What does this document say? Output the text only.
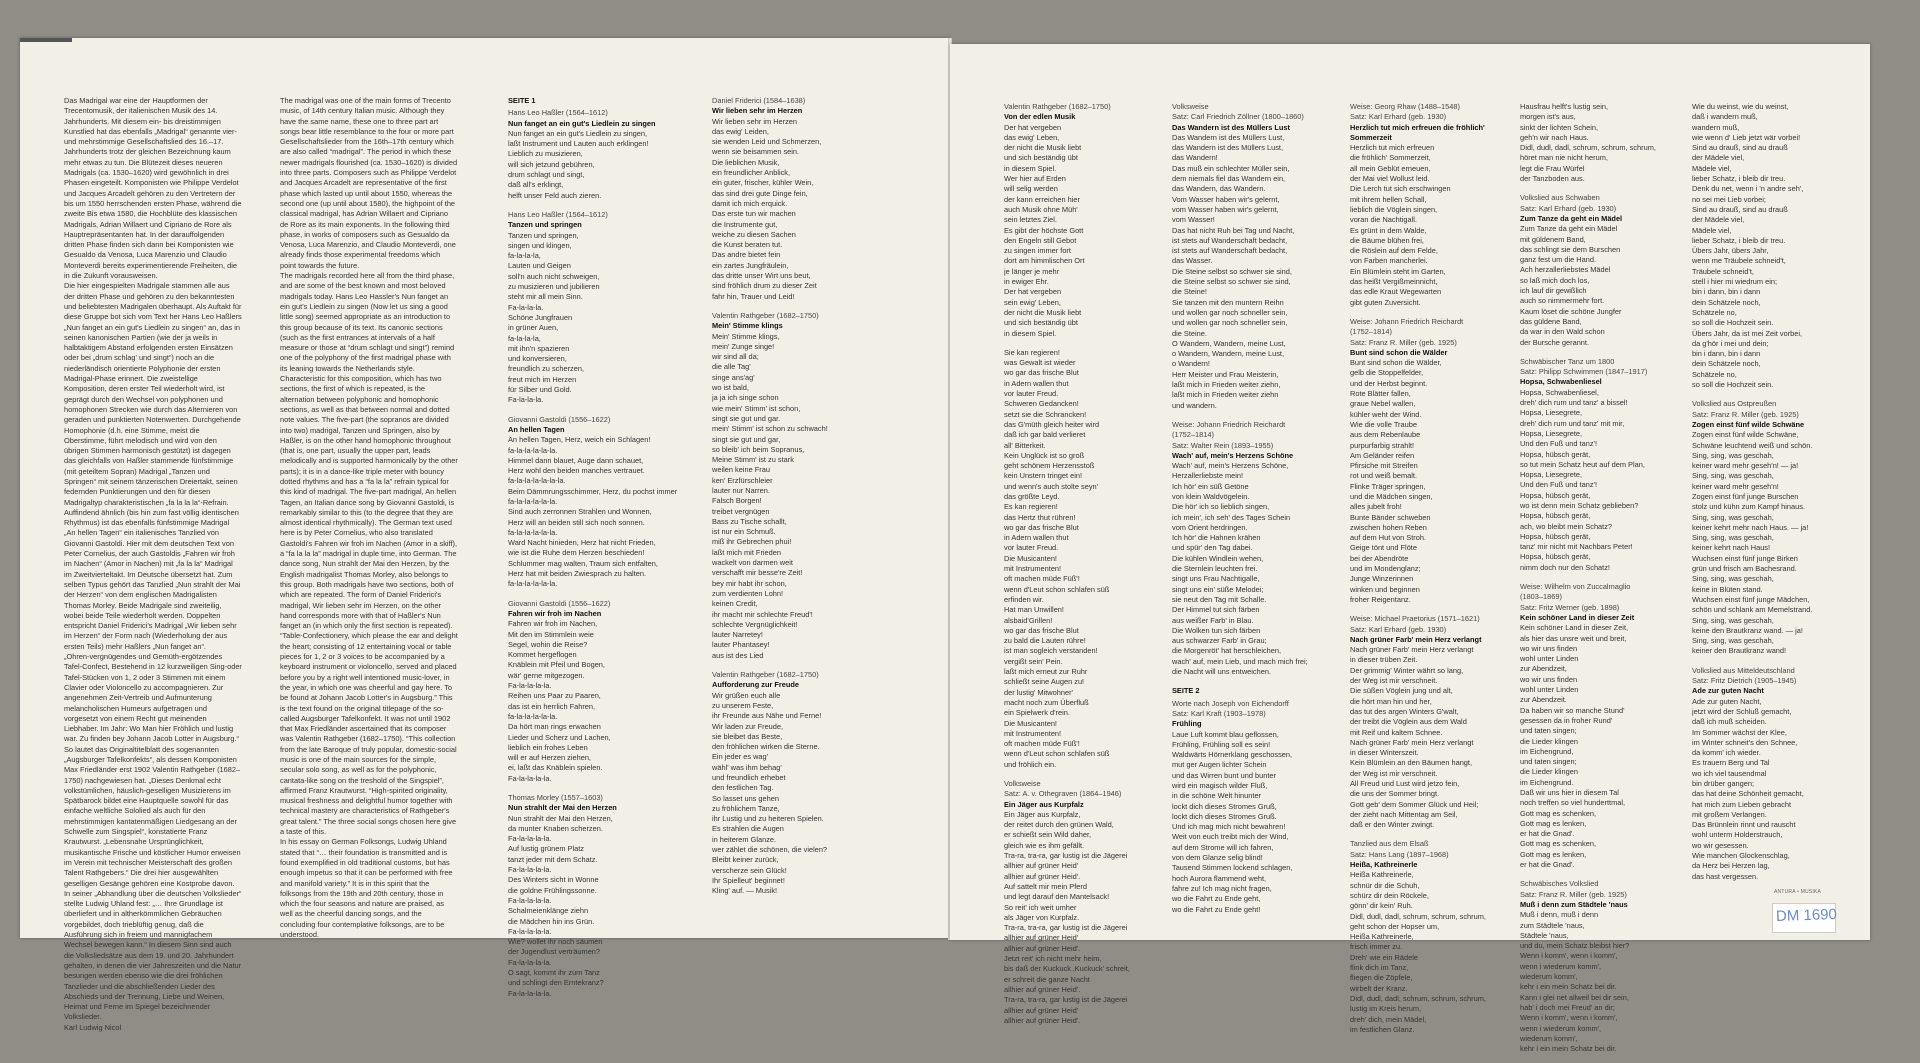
Das Madrigal war eine der Hauptformen der Trecentomusik, der italienischen Musik des 14. Jahrhunderts. Mit diesem ein- bis dreistimmigen Kunstlied hat das ebenfalls „Madrigal“ genannte vier- und mehrstimmige Gesellschaftslied des 16.–17. Jahrhunderts trotz der gleichen Bezeichnung kaum mehr etwas zu tun. Die Blütezeit dieses neueren Madrigals (ca. 1530–1620) wird gewöhnlich in drei Phasen eingeteilt. Komponisten wie Philippe Verdelot und Jacques Arcadelt gehören zu den Vertretern der bis um 1550 herrschenden ersten Phase, während die zweite Bis etwa 1580, die Hochblüte des klassischen Madrigals, Adrian Willaert und Cipriano de Rore als Hauptrepräsentanten hat. In der darauffolgenden dritten Phase finden sich dann bei Komponisten wie Gesualdo da Venosa, Luca Marenzio und Claudio Monteverdi bereits experimentierende Freiheiten, die in die Zukunft vorausweisen.
Die hier eingespielten Madrigale stammen alle aus der dritten Phase und gehören zu den bekanntesten und beliebtesten Madrigalen überhaupt. Als Auftakt für diese Gruppe bot sich vom Text her Hans Leo Haßlers „Nun fanget an ein gut's Liedlein zu singen“ an, das in seinen kanonischen Partien (wie der ja weils in halbtaktigem Abstand erfolgenden ersten Einsätzen oder bei „drum schlag' und singt“) noch an die niederländisch orientierte Polyphonie der ersten Madrigal-Phase erinnert. Die zweistellige Komposition, deren erster Teil wiederholt wird, ist geprägt durch den Wechsel von polyphonen und homophonen Strecken wie durch das Alternieren von geraden und punktierten Notenwerten. Durchgehende Homophonie (d.h. eine Stimme, meist die Oberstimme, führt melodisch und wird von den übrigen Stimmen harmonisch gestützt) ist dagegen das gleichfalls von Haßler stammende fünfstimmige (mit geteiltem Sopran) Madrigal „Tanzen und Springen“ mit seinem tänzerischen Dreiertakt, seinen federnden Punktierungen und den für diesen Madrigaltyp charakteristischen „fa la la la“-Refrain. Auffindend ähnlich (bis hin zum fast völlig identischen Rhythmus) ist das ebenfalls fünfstimmige Madrigal „An hellen Tagen“ ein italienisches Tanzlied von Giovanni Gastoldi. Hier mit dem deutschen Text von Peter Cornelius, der auch Gastoldis „Fahren wir froh im Nachen“ (Amor in Nachen) mit „fa la la“ Madrigal im Zweitvierteltakt. Im Deutsche übersetzt hat. Zum selben Typus gehört das Tanzlied „Nun strahlt der Mai der Herzen“ von dem englischen Madrigalisten Thomas Morley. Beide Madrigale sind zweiteilig, wobei beide Teile wiederholt werden. Doppelten entspricht Daniel Friderici's Madrigal „Wir lieben sehr im Herzen“ der Form nach (Wiederholung der aus ersten Teils) mehr Haßlers „Nun fanget an“.
„Ohren-vergnügendes und Gemüth-ergötzendes Tafel-Confect, Bestehend in 12 kurzweiligen Sing-oder Tafel-Stücken von 1, 2 oder 3 Stimmen mit einem Clavier oder Violoncello zu accompagnieren. Zur angenehmen Zeit-Vertreib und Aufmunterung melancholischen Humeurs aufgetragen und vorgesetzt von einem Recht gut meinenden Liebhaber. Im Jahr: Wo Man hier Fröhlich und lustig war. Zu finden bey Johann Jacob Lotter in Augsburg.“ So lautet das Originaltitelblatt des sogenannten „Augsburger Tafelkonfekts“, als dessen Komponisten Max Friedländer erst 1902 Valentin Rathgeber (1682–1750) nachgewiesen hat. „Dieses Denkmal echt volkstümlichen, häuslich-geselligen Musizierens im Spätbarock bildet eine Hauptquelle sowohl für das einfache weltliche Sololied als auch für den mehrstimmigen kantatenmäßigen Liedgesang an der Schwelle zum Singspiel“, konstatierte Franz Krautwurst. „Lebensnahe Ursprünglichkeit, musikantische Frische und köstlicher Humor erweisen im Verein mit technischer Meisterschaft des großen Talent Rathgebers.“ Die drei hier ausgewählten geselligen Gesänge gehören eine Kostprobe davon.
In seiner „Abhandlung über die deutschen Volkslieder“ stellte Ludwig Uhland fest: „… Ihre Grundlage ist überliefert und in altherkömmlichen Gebräuchen vorgebildet, doch trieblüftig genug, daß die Ausführung sich in freiem und mannigfachem Wechsel bewegen kann.“ In diesem Sinn sind auch die Volksliedsätze aus dem 19. und 20. Jahrhundert gehalten, in denen die vier Jahreszeiten und die Natur besungen werden ebenso wie die drei fröhlichen Tanzlieder und die abschließenden Lieder des Abschieds und der Trennung, Liebe und Weinen, Heimat und Ferne im Spiegel bezeichnender Volkslieder.
Karl Ludwig Nicol
The madrigal was one of the main forms of Trecento music, of 14th century Italian music. Although they have the same name, these one to three part art songs bear little resemblance to the four or more part Gesellschaftslieder from the 16th–17th century which are also called “madrigal”. The period in which these newer madrigals flourished (ca. 1530–1620) is divided into three parts. Composers such as Philippe Verdelot and Jacques Arcadelt are representative of the first phase which lasted up until about 1550, whereas the second one (up until about 1580), the highpoint of the classical madrigal, has Adrian Willaert and Cipriano de Rore as its main exponents. In the following third phase, in works of composers such as Gesualdo da Venosa, Luca Marenzio, and Claudio Monteverdi, one already finds those experimental freedoms which point towards the future.
The madrigals recorded here all from the third phase, and are some of the best known and most beloved madrigals today. Hans Leo Hassler's Nun fanget an ein gut's Liedlein zu singen (Now let us sing a good little song) seemed appropriate as an introduction to this group because of its text. Its canonic sections (such as the first entrances at intervals of a half measure or those at “drum schlagt und singt”) remind one of the polyphony of the first madrigal phase with its leaning towards the Netherlands style. Characteristic for this composition, which has two sections, the first of which is repeated, is the alternation between polyphonic and homophonic sections, as well as that between normal and dotted note values. The five-part (the sopranos are divided into two) madrigal, Tanzen und Springen, also by Haßler, is on the other hand homophonic throughout (that is, one part, usually the upper part, leads melodically and is supported harmonically by the other parts); it is in a dance-like triple meter with bouncy dotted rhythms and has a “fa la la” refrain typical for this kind of madrigal. The five-part madrigal, An hellen Tagen, an Italian dance song by Giovanni Gastoldi, is remarkably similar to this (to the degree that they are almost identical rhythmically). The German text used here is by Peter Cornelius, who also translated Gastoldi's Fahren wir froh im Nachen (Amor in a skiff), a “fa la la la” madrigal in duple time, into German. The dance song, Nun strahlt der Mai den Herzen, by the English madrigalist Thomas Morley, also belongs to this group. Both madrigals have two sections, both of which are repeated. The form of Daniel Friderici's madrigal, Wir lieben sehr im Herzen, on the other hand corresponds more with that of Haßler's Nun fanget an (in which only the first section is repeated).
“Table-Confectionery, which please the ear and delight the heart; consisting of 12 entertaining vocal or table pieces for 1, 2 or 3 voices to be accompanied by a keyboard instrument or violoncello, served and placed before you by a right well intentioned music-lover, in the year, in which one was cheerful and gay here. To be found at Johann Jacob Lotter's in Augsburg.” This is the text found on the original titlepage of the so-called Augsburger Tafelkonfekt. It was not until 1902 that Max Friedländer ascertained that its composer was Valentin Rathgeber (1682–1750). “This collection from the late Baroque of truly popular, domestic-social music is one of the main sources for the simple, secular solo song, as well as for the polyphonic, cantata-like song on the treshold of the Singspiel”, affirmed Franz Krautwurst. “High-spirited originality, musical freshness and delightful humor together with technical mastery are characteristics of Rathgeber's great talent.” The three social songs chosen here give a taste of this.
In his essay on German Folksongs, Ludwig Uhland stated that “… their foundation is transmitted and is found exemplified in old traditional customs, but has enough impetus so that it can be performed with free and manifold variety.” It is in this spirit that the folksongs from the 19th and 20th century, those in which the four seasons and nature are praised, as well as the cheerful dancing songs, and the concluding four contemplative folksongs, are to be understood.
SEITE 1
Hans Leo Haßler (1564–1612)
Nun fanget an ein gut's Liedlein zu singen
Nun fanget an ein gut's Liedlein zu singen,
laßt Instrument und Lauten auch erklingen!
Lieblich zu musizieren,
will sich jetzund gebühren,
drum schlagt und singt,
daß all's erklingt,
helft unser Feld auch zieren.
Hans Leo Haßler (1564–1612)
Tanzen und springen
Tanzen und springen,
singen und klingen,
fa-la-la-la,
Lauten und Geigen
soll'n auch nicht schweigen,
zu musizieren und jubilieren
steht mir all mein Sinn.
Fa-la-la-la.
Schöne Jungfrauen
in grüner Auen,
fa-la-la-la,
mit ihn'n spazieren
und konversieren,
freundlich zu scherzen,
freut mich im Herzen
für Silber und Gold.
Fa-la-la-la.
Giovanni Gastoldi (1556–1622)
An hellen Tagen
An hellen Tagen, Herz, weich ein Schlagen!
fa-la-la-la-la-la.
Himmel dann blauet, Auge dann schauet,
Herz wohl den beiden manches vertrauet.
fa-la-la-la-la-la-la.
Beim Dämmrungsschimmer, Herz, du pochst immer
fa-la-la-la-la-la.
Sind auch zerronnen Strahlen und Wonnen,
Herz will an beiden still sich noch sonnen.
fa-la-la-la-la-la.
Ward Nacht hinieden, Herz hat nicht Frieden,
wie ist die Ruhe dem Herzen beschieden!
Schlummer mag walten, Traum sich entfalten,
Herz hat mit beiden Zwiesprach zu halten.
fa-la-la-la-la-la.
Giovanni Gastoldi (1556–1622)
Fahren wir froh im Nachen
Fahren wir froh im Nachen,
Mit den im Stimmlein weie
Segel, wohin die Reise?
Kommet hergeflogen
Knäblein mit Pfeil und Bogen,
wär' gerne mitgezogen.
Fa-la-la-la-la.
Reihen uns Paar zu Paaren,
das ist ein herrlich Fahren,
fa-la-la-la-la-la.
Da hört man rings erwachen
Lieder und Scherz und Lachen,
lieblich ein frohes Leben
will er auf Herzen ziehen,
ei, laßt das Knäblein spielen.
Fa-la-la-la-la.
Thomas Morley (1557–1603)
Nun strahlt der Mai den Herzen
Nun strahlt der Mai den Herzen,
da munter Knaben scherzen.
Fa-la-la-la-la.
Auf lustig grünem Platz
tanzt jeder mit dem Schatz.
Fa-la-la-la-la.
Des Winters sicht in Wonne
die goldne Frühlingssonne.
Fa-la-la-la-la.
Schalmeienklänge ziehn
die Mädchen hin ins Grün.
Fa-la-la-la-la.
Wie? wollet ihr noch säumen
der Jugendlust verträumen?
Fa-la-la-la-la.
O sagt, kommt ihr zum Tanz
und schlingt den Erntekranz?
Fa-la-la-la-la.
Daniel Friderici (1584–1638)
Wir lieben sehr im Herzen
Wir lieben sehr im Herzen
das ewig' Leiden,
sie wenden Leid und Schmerzen,
wenn sie beisammen sein.
Die lieblichen Musik,
ein freundlicher Anblick,
ein guter, frischer, kühler Wein,
das sind drei gute Dinge fein,
damit ich mich erquick.
Das erste tun wir machen
die Instrumente gut,
weiche zu diesen Sachen
die Kunst beraten tut.
Das andre bietet fein
ein zartes Jungfräulein,
das dritte unser Wirt uns beut,
sind fröhlich drum zu dieser Zeit
fahr hin, Trauer und Leid!
Valentin Rathgeber (1682–1750)
Mein' Stimme klings
Mein' Stimme klings,
mein' Zunge singe!
wir sind all da;
die alle Tag'
singe ans'ag'
wo ist bald,
ja ja ich singe schon
wie mein' Stimm' ist schon,
singt sie gut und gar.
mein' Stimm' ist schon zu schwach!
singt sie gut und gar,
so bleib' ich beim Sopranus,
Meine Stimm' ist zu stark
weilen keine Frau
ken' Erzfürschleier
lauter nur Narren.
Falsch Borgen!
treibet vergnügen
Bass zu Tische schallt,
ist nur ein Schmuß.
miß ihr Gebrechen phui!
laßt mich mit Frieden
wackelt von darmen weit
verschafft mir besse're Zeit!
bey mir habt ihr schon,
zum verdienten Lohn!
keinen Credit,
ihr macht mir schlechte Freud'!
schlechte Vergnüglichkeit!
lauter Narretey!
lauter Phantasey!
aus ist des Lied
Valentin Rathgeber (1682–1750)
Aufforderung zur Freude
Wir grüßen euch alle
zu unserem Feste,
ihr Freunde aus Nähe und Ferne!
Wir laden zur Freude,
sie bleibet das Beste,
den fröhlichen wirken die Sterne.
Ein jeder es wag'
wähl' was ihm behag'
und freundlich erhebet
den festlichen Tag.
So lasset uns gehen
zu fröhlichem Tanze,
ihr Lustig und zu heiteren Spielen.
Es strahlen die Augen
in heiterem Glanze.
wer zählet die schönen, die vielen?
Bleibt keiner zurück,
verscherze sein Glück!
Ihr Spielleut' beginnet!
Kling' auf. — Musik!
Valentin Rathgeber (1682–1750)
Von der edlen Musik
Der hat vergeben
das ewig' Leben,
der nicht die Musik liebt
und sich beständig übt
in diesem Spiel.
Wer hier auf Erden
will selig werden
der kann erreichen hier
auch Musik ohne Müh'
sein letztes Ziel.
Es gibt der höchste Gott
den Engeln still Gebot
zu singen immer fort
dort am himmlischen Ort
je länger je mehr
in ewiger Ehr.
Der hat vergeben
sein ewig' Leben,
der nicht die Musik liebt
und sich beständig übt
in diesem Spiel.
Sie kan regieren!
was Gewalt ist wieder
wo gar das frische Blut
in Adern wallen thut
vor lauter Freud.
Schweren Gedancken!
setzt sie die Schrancken!
das G'müth gleich heiter wird
daß ich gar bald verlieret
all' Bitterkeit.
Kein Unglück ist so groß
geht schönem Herzensstoß
kein Unstern tringet ein!
und wenn's auch stolte seyn'
das größte Leyd.
Es kan regieren!
das Hertz thut rühren!
wo gar das frische Blut
in Adern wallen thut
vor lauter Freud.
Die Musicanten!
mit Instrumenten!
oft machen müde Füß'!
wenn d'Leut schon schlafen süß
erfinden wir.
Hat man Unwillen!
alsbaid'Grillen!
wo gar das frische Blut
zu bald die Lauten rühre!
ist man sogleich verstanden!
vergißt sein' Pein.
laßt mich erneut zur Ruhr
schließt seine Augen zu!
der lustig' Mitwohner'
macht noch zum Überfluß
ein Spielwerk d'rein.
Die Musicanten!
mit Instrumenten!
oft machen müde Füß'!
wenn d'Leut schon schlafen süß
und fröhlich ein.
Volksweise
Satz: A. v. Othegraven (1864–1946)
Ein Jäger aus Kurpfalz
Ein Jäger aus Kurpfalz,
der reitet durch den grünen Wald,
er schießt sein Wild daher,
gleich wie es ihm gefällt.
Tra-ra, tra-ra, gar lustig ist die Jägerei
allhier auf grüner Heid'
allhier auf grüner Heid'.
Auf sattelt mir mein Pferd
und legt darauf den Mantelsack!
So reit' ich weit umher
als Jäger von Kurpfalz.
Tra-ra, tra-ra, gar lustig ist die Jägerei
allhier auf grüner Heid'
allhier auf grüner Heid'.
Jetzt reit' ich nicht mehr heim,
bis daß der Kuckuck ‚Kuckuck' schreit,
er schreit die ganze Nacht
allhier auf grüner Heid'.
Tra-ra, tra-ra, gar lustig ist die Jägerei
allhier auf grüner Heid'
allhier auf grüner Heid'.
Volksweise
Satz: Carl Friedrich Zöllner (1800–1860)
Das Wandern ist des Müllers Lust
Das Wandern ist des Müllers Lust,
das Wandern ist des Müllers Lust,
das Wandern!
Das muß ein schlechter Müller sein,
dem niemals fiel das Wandern ein,
das Wandern, das Wandern.
Vom Wasser haben wir's gelernt,
vom Wasser haben wir's gelernt,
vom Wasser!
Das hat nicht Ruh bei Tag und Nacht,
ist stets auf Wanderschaft bedacht,
ist stets auf Wanderschaft bedacht,
das Wasser.
Die Steine selbst so schwer sie sind,
die Steine selbst so schwer sie sind,
die Steine!
Sie tanzen mit den muntern Reihn
und wollen gar noch schneller sein,
und wollen gar noch schneller sein,
die Steine.
O Wandern, Wandern, meine Lust,
o Wandern, Wandern, meine Lust,
o Wandern!
Herr Meister und Frau Meisterin,
laßt mich in Frieden weiter ziehn,
laßt mich in Frieden weiter ziehn
und wandern.
Weise: Johann Friedrich Reichardt
(1752–1814)
Satz: Walter Rein (1893–1955)
Wach' auf, mein's Herzens Schöne
Wach' auf, mein's Herzens Schöne,
Herzallerliebste mein!
Ich hör' ein süß Getöne
von klein Waldvögelein.
Die hör' ich so lieblich singen,
ich mein', ich seh' des Tages Schein
vom Orient herdringen.
Ich hör' die Hahnen krähen
und spür' den Tag dabei.
Die kühlen Windlein wehen,
die Sternlein leuchten frei.
singt uns Frau Nachtigalle,
singt uns ein' süße Melodei;
sie neut den Tag mit Schalle.
Der Himmel tut sich färben
aus weißer Farb' in Blau.
Die Wolken tun sich färben
aus schwarzer Farb' in Grau;
die Morgenröt' hat herschleichen,
wach' auf, mein Lieb, und mach mich frei;
die Nacht will uns entweichen.
SEITE 2
Worte nach Joseph von Eichendorff
Satz: Karl Kraft (1903–1978)
Frühling
Laue Luft kommt blau geflossen,
Frühling, Frühling soll es sein!
Waldwärts Hörnerklang geschossen,
mut ger Augen lichter Schein
und das Wirren bunt und bunter
wird ein magisch wilder Fluß,
in die schöne Welt hinunter
lockt dich dieses Stromes Gruß,
lockt dich dieses Stromes Gruß.
Und ich mag mich nicht bewahren!
Weit von euch treibt mich der Wind,
auf dem Strome will ich fahren,
von dem Glanze selig blind!
Tausend Stimmen lockend schlagen,
hoch Aurora flammend weht,
fahre zu! Ich mag nicht fragen,
wo die Fahrt zu Ende geht,
wo die Fahrt zu Ende geht!
Weise: Georg Rhaw (1488–1548)
Satz: Karl Erhard (geb. 1930)
Herzlich tut mich erfreuen die fröhlich' Sommerzeit
Herzlich tut mich erfreuen
die fröhlich' Sommerzeit,
all mein Geblüt erneuen,
der Mai viel Wollust leid.
Die Lerch tut sich erschwingen
mit ihrem hellen Schall,
lieblich die Vöglein singen,
voran die Nachtigall.
Es grünt in dem Walde,
die Bäume blühen frei,
die Röslein auf dem Felde,
von Farben mancherlei.
Ein Blümlein steht im Garten,
das heißt Vergißmeinnicht,
das edle Kraut Wegewarten
gibt guten Zuversicht.
Weise: Johann Friedrich Reichardt
(1752–1814)
Satz: Franz R. Miller (geb. 1925)
Bunt sind schon die Wälder
Bunt sind schon die Wälder,
gelb die Stoppelfelder,
und der Herbst beginnt.
Rote Blätter fallen,
graue Nebel wallen,
kühler weht der Wind.
Wie die volle Traube
aus dem Rebenlaube
purpurfarbig strahlt!
Am Geländer reifen
Pfirsiche mit Streifen
rot und weiß bemalt.
Flinke Träger springen,
und die Mädchen singen,
alles jubelt froh!
Bunte Bänder schweben
zwischen hohen Reben
auf dem Hut von Stroh.
Geige tönt und Flöte
bei der Abendröte
und im Mondenglanz;
Junge Winzerinnen
winken und beginnen
froher Reigentanz.
Weise: Michael Praetorius (1571–1621)
Satz: Karl Erhard (geb. 1930)
Nach grüner Farb' mein Herz verlangt
Nach grüner Farb' mein Herz verlangt
in dieser trüben Zeit.
Der grimmig' Winter währt so lang,
der Weg ist mir verschneit.
Die süßen Vöglein jung und alt,
die hört man hin und her,
das tut des argen Winters G'walt,
der treibt die Vöglein aus dem Wald
mit Reif und kaltem Schnee.
Nach grüner Farb' mein Herz verlangt
in dieser Winterszeit.
Kein Blümlein an den Bäumen hangt,
der Weg ist mir verschneit.
All Freud und Lust wird jetzo fein,
die uns der Sommer bringt.
Gott geb' dem Sommer Glück und Heil;
der zieht nach Mittentag am Seil,
daß er den Winter zwingt.
Tanzlied aus dem Elsaß
Satz: Hans Lang (1897–1968)
Heißa, Kathreinerle
Heißa Kathreinerle,
schnür dir die Schuh,
schürz dir dein Röckele,
gönn' dir kein' Ruh.
Didl, dudl, dadl, schrum, schrum, schrum,
geht schon der Hopser um,
Heißa Kathreinerle,
frisch immer zu.
Dreh' wie ein Rädele
flink dich im Tanz,
fliegen die Zöpfele,
wirbelt der Kranz.
Didl, dudl, dadl, schrum, schrum, schrum,
lustig im Kreis herum,
dreh' dich, mein Mädel,
im festlichen Glanz.
Hausfrau helft's lustig sein,
morgen ist's aus,
sinkt der lichten Schein,
geh'n wir nach Haus.
Didl, dudl, dadl, schrum, schrum, schrum,
höret man nie nicht herum,
legt die Frau Würfel
der Tanzboden aus.
Volkslied aus Schwaben
Satz: Karl Erhard (geb. 1930)
Zum Tanze da geht ein Mädel
Zum Tanze da geht ein Mädel
mit güldenem Band,
das schlingt sie dem Burschen
ganz fest um die Hand.
Ach herzallerliebstes Mädel
so laß mich doch los,
ich lauf dir gewißlich
auch so nimmermehr fort.
Kaum löset die schöne Jungfer
das güldene Band,
da war in den Wald schon
der Bursche gerannt.
Schwäbischer Tanz um 1800
Satz: Philipp Schwimmen (1847–1917)
Hopsa, Schwabenliesel
Hopsa, Schwabenliesel,
dreh' dich rum und tanz' a bissel!
Hopsa, Liesegrete,
dreh' dich rum und tanz' mit mir,
Hopsa, Liesegrete,
Und den Fuß und tanz'!
Hopsa, hübsch gerät,
so tut mein Schatz heut auf dem Plan,
Hopsa, Liesegrete,
Und den Fuß und tanz'!
Hopsa, hübsch gerät,
wo ist denn mein Schatz geblieben?
Hopsa, hübsch gerät,
ach, wo bleibt mein Schatz?
Hopsa, hübsch gerät,
tanz' mir nicht mit Nachbars Peter!
Hopsa, hübsch gerät,
nimm doch nur den Schatz!
Weise: Wilhelm von Zuccalmaglio
(1803–1869)
Satz: Fritz Werner (geb. 1898)
Kein schöner Land in dieser Zeit
Kein schöner Land in dieser Zeit,
als hier das unsre weit und breit,
wo wir uns finden
wohl unter Linden
zur Abendzeit,
wo wir uns finden
wohl unter Linden
zur Abendzeit.
Da haben wir so manche Stund'
gesessen da in froher Rund'
und taten singen;
die Lieder klingen
im Eichengrund,
und taten singen;
die Lieder klingen
im Eichengrund.
Daß wir uns hier in diesem Tal
noch treffen so viel hunderttmal,
Gott mag es schenken,
Gott mag es lenken,
er hat die Gnad'.
Gott mag es schenken,
Gott mag es lenken,
er hat die Gnad'.
Schwäbisches Volkslied
Satz: Franz R. Miller (geb. 1925)
Muß i denn zum Städtele 'naus
Muß i denn, muß i denn
zum Städtele 'naus,
Städtele 'naus,
und du, mein Schatz bleibst hier?
Wenn i komm', wenn i komm',
wenn i wiederum komm',
wiederum komm',
kehr i ein mein Schatz bei dir.
Kann i glei net allweil bei dir sein,
hab' i doch mei Freud' an dir;
Wenn i komm', wenn i komm',
wenn i wiederum komm',
wiederum komm',
kehr i ein mein Schatz bei dir.
Wie du weinst, wie du weinst,
daß i wandern muß,
wandern muß,
wie wenn d' Lieb jetzt wär vorbei!
Sind au drauß, sind au drauß
der Mädele viel,
Mädele viel,
lieber Schatz, i bleib dir treu.
Denk du net, wenn i 'n andre seh',
no sei mei Lieb vorbei;
Sind au drauß, sind au drauß
der Mädele viel,
Mädele viel,
lieber Schatz, i bleib dir treu.
Übers Jahr, übers Jahr,
wenn me Träubele schneid't,
Träubele schneid't,
stell i hier mi wiedrum ein;
bin i dann, bin i dann
dein Schätzele noch,
Schätzele no,
so soll die Hochzeit sein.
Übers Jahr, da ist mei Zeit vorbei,
da g'hör i mei und dein;
bin i dann, bin i dann
dein Schätzele noch,
Schätzele no,
so soll die Hochzeit sein.
Volkslied aus Ostpreußen
Satz: Franz R. Miller (geb. 1925)
Zogen einst fünf wilde Schwäne
Zogen einst fünf wilde Schwäne,
Schwäne leuchtend weiß und schön.
Sing, sing, was geschah,
keiner ward mehr geseh'n! — ja!
Sing, sing, was geschah,
keiner ward mehr geseh'n!
Zogen einst fünf junge Burschen
stolz und kühn zum Kampf hinaus.
Sing, sing, was geschah,
keiner kehrt mehr nach Haus. — ja!
Sing, sing, was geschah,
keiner kehrt nach Haus!
Wuchsen einst fünf junge Birken
grün und frisch am Bachesrand.
Sing, sing, was geschah,
keine in Blüten stand.
Wuchsen einst fünf junge Mädchen,
schön und schlank am Memelstrand.
Sing, sing, was geschah,
keine den Brautkranz wand. — ja!
Sing, sing, was geschah,
keiner den Brautkranz wand!
Volkslied aus Mitteldeutschland
Satz: Fritz Dietrich (1905–1945)
Ade zur guten Nacht
Ade zur guten Nacht,
jetzt wird der Schluß gemacht,
daß ich muß scheiden.
Im Sommer wächst der Klee,
im Winter schneit's den Schnee,
da komm' ich wieder.
Es trauern Berg und Tal
wo ich viel tausendmal
bin drüber gangen;
das hat deine Schönheit gemacht,
hat mich zum Lieben gebracht
mit großem Verlangen.
Das Brünnlein rinnt und rauscht
wohl unterm Holderstrauch,
wo wir gesessen.
Wie manchen Glockenschlag,
da Herz bei Herzen lag,
das hast vergessen.
ANTURA • MUSIKA
DM 1690
